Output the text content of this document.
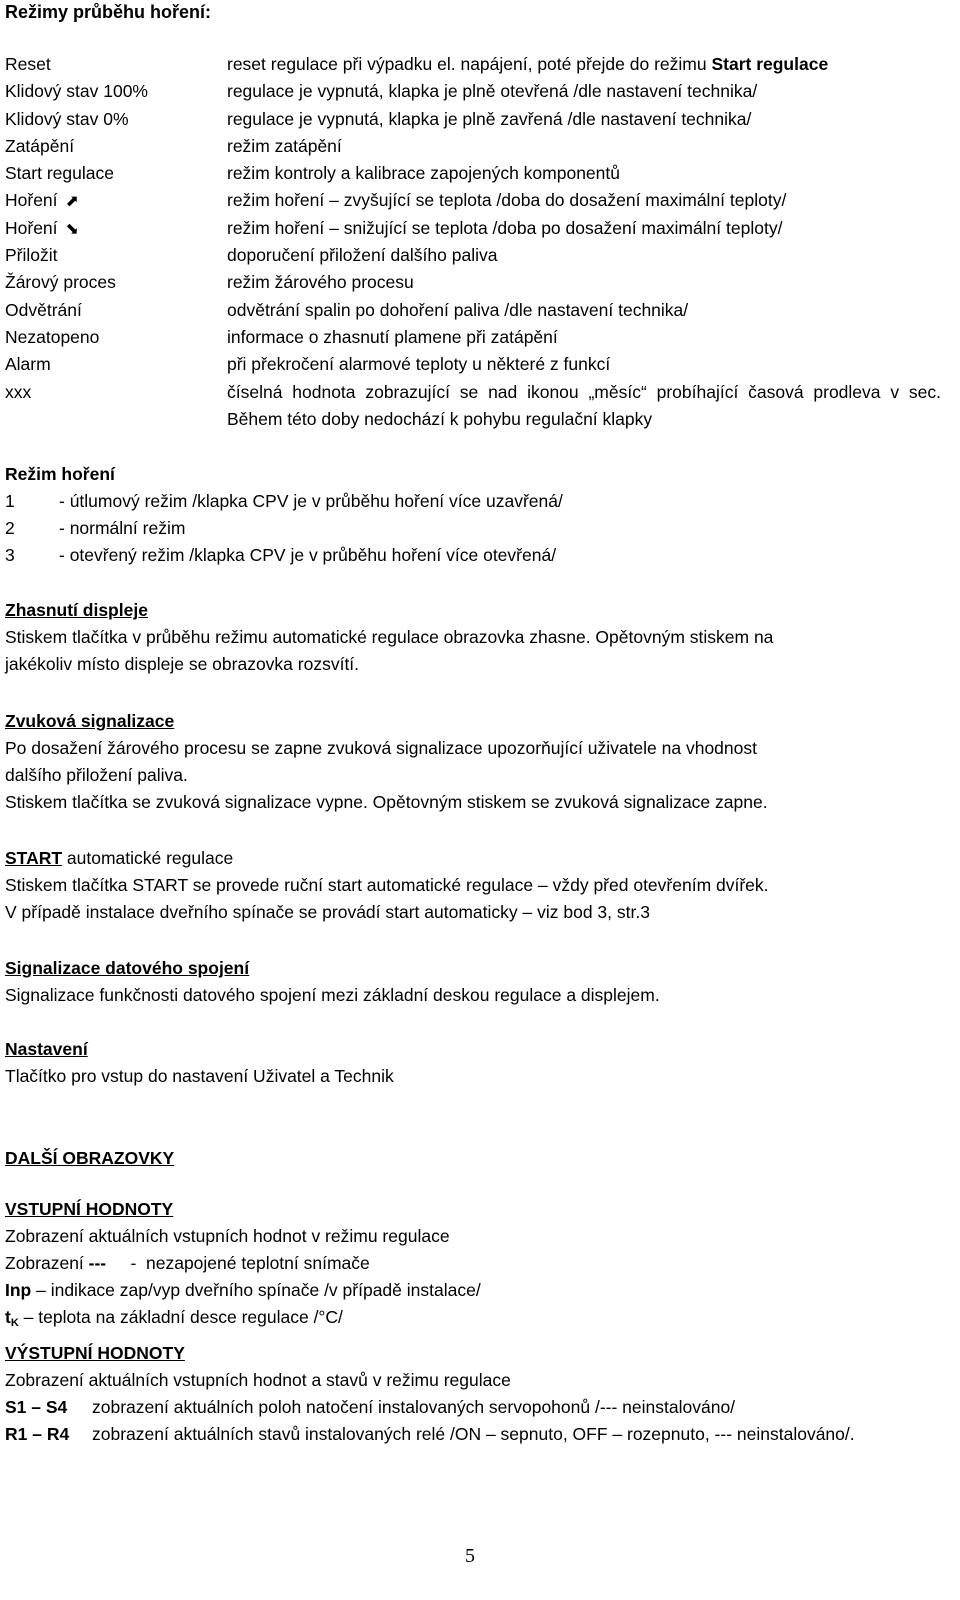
Režimy průběhu hoření:
Reset	reset regulace při výpadku el. napájení, poté přejde do režimu Start regulace
Klidový stav 100%	regulace je vypnutá, klapka je plně otevřená /dle nastavení technika/
Klidový stav 0%	regulace je vypnutá, klapka je plně zavřená /dle nastavení technika/
Zatápění	režim zatápění
Start regulace	režim kontroly a kalibrace zapojených komponentů
Hoření ⬈	režim hoření – zvyšující se teplota /doba do dosažení maximální teploty/
Hoření ⬊	režim hoření – snižující se teplota /doba po dosažení maximální teploty/
Přiložit	doporučení přiložení dalšího paliva
Žárový proces	režim žárového procesu
Odvětrání	odvětrání spalin po dohoření paliva /dle nastavení technika/
Nezatopeno	informace o zhasnutí plamene při zatápění
Alarm	při překročení alarmové teploty u některé z funkcí
xxx	číselná hodnota zobrazující se nad ikonou „měsíc“ probíhající časová prodleva v sec. Během této doby nedochází k pohybu regulační klapky
Režim hoření
1	- útlumový režim /klapka CPV je v průběhu hoření více uzavřená/
2	- normální režim
3	- otevřený režim /klapka CPV je v průběhu hoření více otevřená/
Zhasnutí displeje
Stiskem tlačítka v průběhu režimu automatické regulace obrazovka zhasne. Opětovným stiskem na
jakékoliv místo displeje se obrazovka rozsvítí.
Zvuková signalizace
Po dosažení žárového procesu se zapne zvuková signalizace upozorňující uživatele na vhodnost
dalšího přiložení paliva.
Stiskem tlačítka se zvuková signalizace vypne. Opětovným stiskem se zvuková signalizace zapne.
START automatické regulace
Stiskem tlačítka START se provede ruční start automatické regulace – vždy před otevřením dvířek.
V případě instalace dveřního spínače se provádí start automaticky – viz bod 3, str.3
Signalizace datového spojení
Signalizace funkčnosti datového spojení mezi základní deskou regulace a displejem.
Nastavení
Tlačítko pro vstup do nastavení Uživatel a Technik
DALŠÍ OBRAZOVKY
VSTUPNÍ HODNOTY
Zobrazení aktuálních vstupních hodnot v režimu regulace
Zobrazení ---     -  nezapojené teplotní snímače
Inp – indikace zap/vyp dveřního spínače /v případě instalace/
$t_K$ – teplota na základní desce regulace /°C/
VÝSTUPNÍ HODNOTY
Zobrazení aktuálních vstupních hodnot a stavů v režimu regulace
S1 – S4	zobrazení aktuálních poloh natočení instalovaných servopohonů /--- neinstalováno/
R1 – R4	zobrazení aktuálních stavů instalovaných relé /ON – sepnuto, OFF – rozepnuto, --- neinstalováno/.
5
